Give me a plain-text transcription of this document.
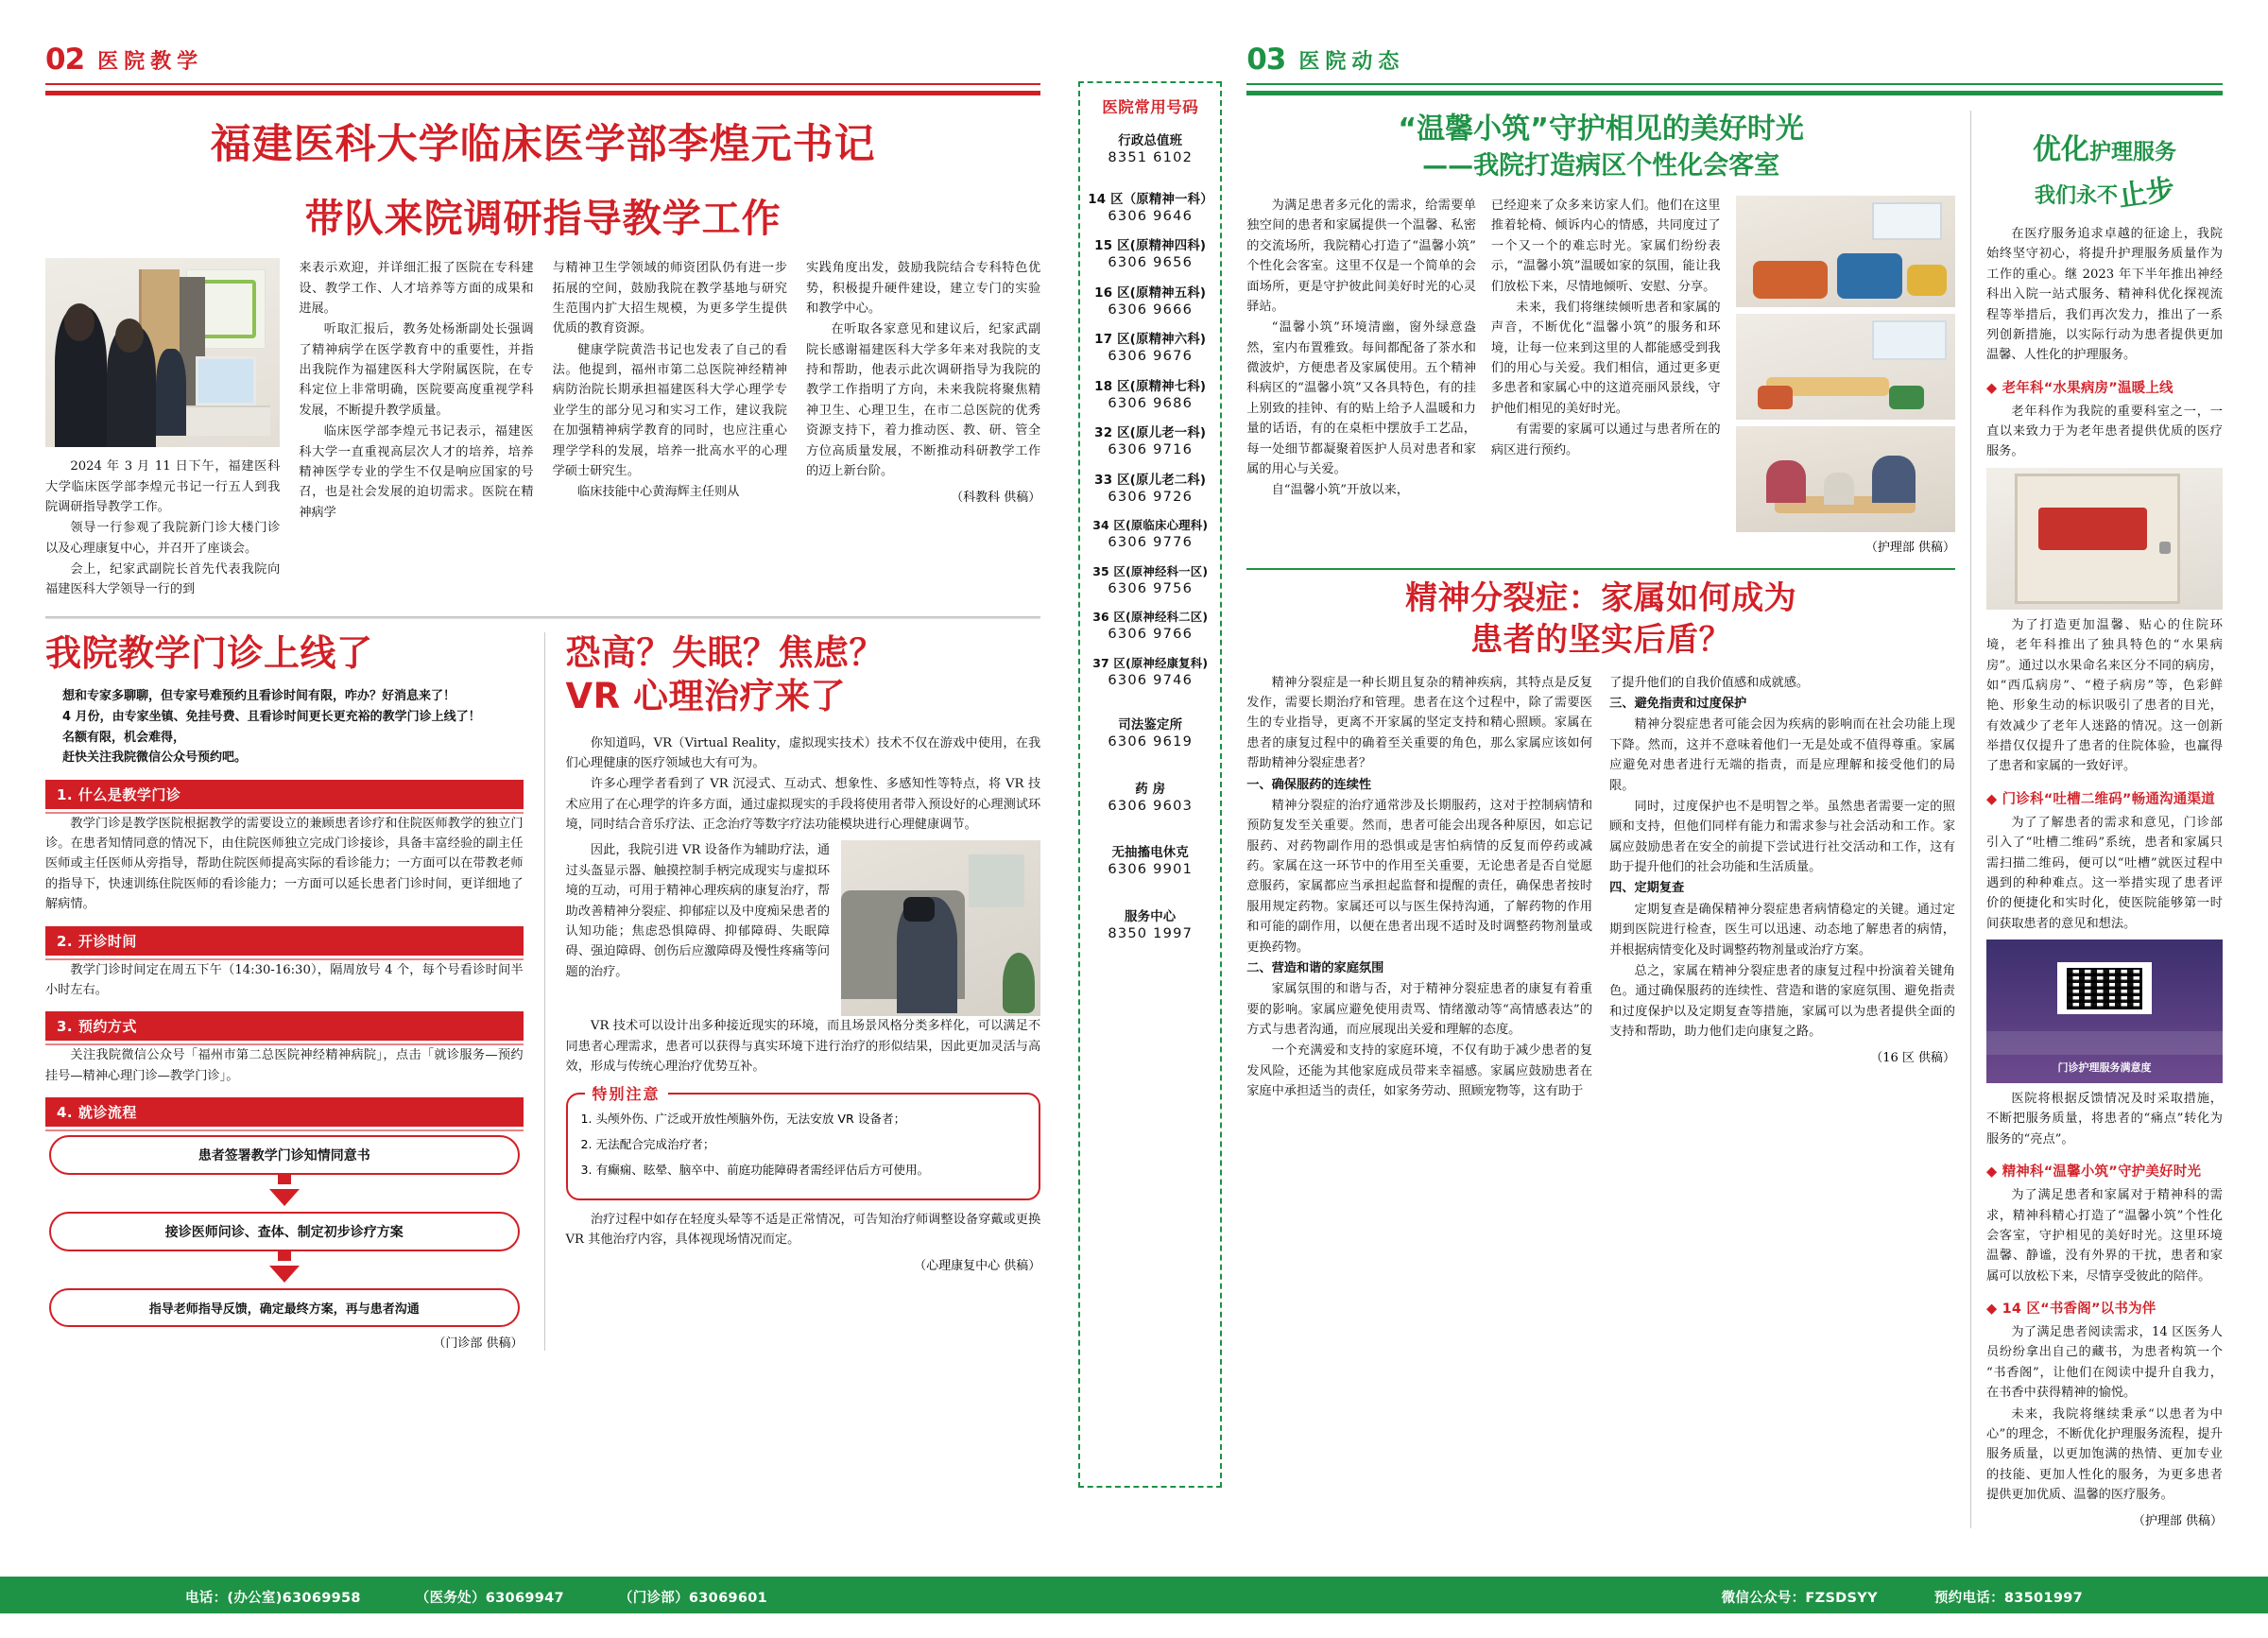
02 医院教学
福建医科大学临床医学部李煌元书记
带队来院调研指导教学工作

2024 年 3 月 11 日下午，福建医科大学临床医学部李煌元书记一行五人到我院调研指导教学工作。

领导一行参观了我院新门诊大楼门诊以及心理康复中心，并召开了座谈会。

会上，纪家武副院长首先代表我院向福建医科大学领导一行的到

来表示欢迎，并详细汇报了医院在专科建设、教学工作、人才培养等方面的成果和进展。

听取汇报后，教务处杨渐副处长强调了精神病学在医学教育中的重要性，并指出我院作为福建医科大学附属医院，在专科定位上非常明确，医院要高度重视学科发展，不断提升教学质量。

临床医学部李煌元书记表示，福建医科大学一直重视高层次人才的培养，培养精神医学专业的学生不仅是响应国家的号召，也是社会发展的迫切需求。医院在精神病学

与精神卫生学领域的师资团队仍有进一步拓展的空间，鼓励我院在教学基地与研究生范围内扩大招生规模，为更多学生提供优质的教育资源。

健康学院黄浩书记也发表了自己的看法。他提到，福州市第二总医院神经精神病防治院长期承担福建医科大学心理学专业学生的部分见习和实习工作，建议我院在加强精神病学教育的同时，也应注重心理学学科的发展，培养一批高水平的心理学硕士研究生。

临床技能中心黄海辉主任则从

实践角度出发，鼓励我院结合专科特色优势，积极提升硬件建设，建立专门的实验和教学中心。

在听取各家意见和建议后，纪家武副院长感谢福建医科大学多年来对我院的支持和帮助，他表示此次调研指导为我院的教学工作指明了方向，未来我院将聚焦精神卫生、心理卫生，在市二总医院的优秀资源支持下，着力推动医、教、研、管全方位高质量发展，不断推动科研教学工作的迈上新台阶。

（科教科 供稿）
我院教学门诊上线了

想和专家多聊聊，但专家号难预约且看诊时间有限，咋办？好消息来了！

4 月份，由专家坐镇、免挂号费、且看诊时间更长更充裕的教学门诊上线了！

名额有限，机会难得，

赶快关注我院微信公众号预约吧。

1. 什么是教学门诊

教学门诊是教学医院根据教学的需要设立的兼顾患者诊疗和住院医师教学的独立门诊。在患者知情同意的情况下，由住院医师独立完成门诊接诊，具备丰富经验的副主任医师或主任医师从旁指导，帮助住院医师提高实际的看诊能力；一方面可以在带教老师的指导下，快速训练住院医师的看诊能力；一方面可以延长患者门诊时间，更详细地了解病情。

2. 开诊时间

教学门诊时间定在周五下午（14:30-16:30），隔周放号 4 个，每个号看诊时间半小时左右。

3. 预约方式

关注我院微信公众号「福州市第二总医院神经精神病院」，点击「就诊服务—预约挂号—精神心理门诊—教学门诊」。

4. 就诊流程
患者签署教学门诊知情同意书
接诊医师问诊、查体、制定初步诊疗方案
指导老师指导反馈，确定最终方案，再与患者沟通
（门诊部 供稿）
恐高？失眠？焦虑？
VR 心理治疗来了

你知道吗，VR（Virtual Reality，虚拟现实技术）技术不仅在游戏中使用，在我们心理健康的医疗领域也大有可为。

许多心理学者看到了 VR 沉浸式、互动式、想象性、多感知性等特点，将 VR 技术应用了在心理学的许多方面，通过虚拟现实的手段将使用者带入预设好的心理测试环境，同时结合音乐疗法、正念治疗等数字疗法功能模块进行心理健康调节。

因此，我院引进 VR 设备作为辅助疗法，通过头盔显示器、触摸控制手柄完成现实与虚拟环境的互动，可用于精神心理疾病的康复治疗，帮助改善精神分裂症、抑郁症以及中度痴呆患者的认知功能；焦虑恐惧障碍、抑郁障碍、失眠障碍、强迫障碍、创伤后应激障碍及慢性疼痛等问题的治疗。

VR 技术可以设计出多种接近现实的环境，而且场景风格分类多样化，可以满足不同患者心理需求，患者可以获得与真实环境下进行治疗的形似结果，因此更加灵活与高效，形成与传统心理治疗优势互补。

特别注意
1. 头颅外伤、广泛或开放性颅脑外伤，无法安放 VR 设备者；
2. 无法配合完成治疗者；
3. 有癫痫、眩晕、脑卒中、前庭功能障碍者需经评估后方可使用。

治疗过程中如存在轻度头晕等不适是正常情况，可告知治疗师调整设备穿戴或更换 VR 其他治疗内容，具体视现场情况而定。

（心理康复中心 供稿）
医院常用号码
行政总值班
8351 6102
14 区（原精神一科）
6306 9646
15 区(原精神四科)
6306 9656
16 区(原精神五科)
6306 9666
17 区(原精神六科)
6306 9676
18 区(原精神七科)
6306 9686
32 区(原儿老一科)
6306 9716
33 区(原儿老二科)
6306 9726
34 区(原临床心理科)
6306 9776
35 区(原神经科一区)
6306 9756
36 区(原神经科二区)
6306 9766
37 区(原神经康复科)
6306 9746
司法鉴定所
6306 9619
药 房
6306 9603
无抽搐电休克
6306 9901
服务中心
8350 1997
03 医院动态
“温馨小筑”守护相见的美好时光
——我院打造病区个性化会客室

为满足患者多元化的需求，给需要单独空间的患者和家属提供一个温馨、私密的交流场所，我院精心打造了“温馨小筑”个性化会客室。这里不仅是一个简单的会面场所，更是守护彼此间美好时光的心灵驿站。

“温馨小筑”环境清幽，窗外绿意盎然，室内布置雅致。每间都配备了茶水和微波炉，方便患者及家属使用。五个精神科病区的“温馨小筑”又各具特色，有的挂上别致的挂钟、有的贴上给予人温暖和力量的话语，有的在桌柜中摆放手工艺品，每一处细节都凝聚着医护人员对患者和家属的用心与关爱。

自“温馨小筑”开放以来，

已经迎来了众多来访家人们。他们在这里推着轮椅、倾诉内心的情感，共同度过了一个又一个的难忘时光。家属们纷纷表示，“温馨小筑”温暖如家的氛围，能让我们放松下来，尽情地倾听、安慰、分享。

未来，我们将继续倾听患者和家属的声音，不断优化“温馨小筑”的服务和环境，让每一位来到这里的人都能感受到我们的用心与关爱。我们相信，通过更多更多患者和家属心中的这道亮丽风景线，守护他们相见的美好时光。

有需要的家属可以通过与患者所在的病区进行预约。

（护理部 供稿）
精神分裂症：家属如何成为
患者的坚实后盾？

精神分裂症是一种长期且复杂的精神疾病，其特点是反复发作，需要长期治疗和管理。患者在这个过程中，除了需要医生的专业指导，更离不开家属的坚定支持和精心照顾。家属在患者的康复过程中的确着至关重要的角色，那么家属应该如何帮助精神分裂症患者？

一、确保服药的连续性

精神分裂症的治疗通常涉及长期服药，这对于控制病情和预防复发至关重要。然而，患者可能会出现各种原因，如忘记服药、对药物副作用的恐惧或是害怕病情的反复而停药或减药。家属在这一环节中的作用至关重要，无论患者是否自觉愿意服药，家属都应当承担起监督和提醒的责任，确保患者按时服用规定药物。家属还可以与医生保持沟通，了解药物的作用和可能的副作用，以便在患者出现不适时及时调整药物剂量或更换药物。

二、营造和谐的家庭氛围

家属氛围的和谐与否，对于精神分裂症患者的康复有着重要的影响。家属应避免使用责骂、情绪激动等“高情感表达”的方式与患者沟通，而应展现出关爱和理解的态度。

一个充满爱和支持的家庭环境，不仅有助于减少患者的复发风险，还能为其他家庭成员带来幸福感。家属应鼓励患者在家庭中承担适当的责任，如家务劳动、照顾宠物等，这有助于

了提升他们的自我价值感和成就感。

三、避免指责和过度保护

精神分裂症患者可能会因为疾病的影响而在社会功能上现下降。然而，这并不意味着他们一无是处或不值得尊重。家属应避免对患者进行无端的指责，而是应理解和接受他们的局限。

同时，过度保护也不是明智之举。虽然患者需要一定的照顾和支持，但他们同样有能力和需求参与社会活动和工作。家属应鼓励患者在安全的前提下尝试进行社交活动和工作，这有助于提升他们的社会功能和生活质量。

四、定期复查

定期复查是确保精神分裂症患者病情稳定的关键。通过定期到医院进行检查，医生可以迅速、动态地了解患者的病情，并根据病情变化及时调整药物剂量或治疗方案。

总之，家属在精神分裂症患者的康复过程中扮演着关键角色。通过确保服药的连续性、营造和谐的家庭氛围、避免指责和过度保护以及定期复查等措施，家属可以为患者提供全面的支持和帮助，助力他们走向康复之路。

（16 区 供稿）
优化护理服务
我们永不止步

在医疗服务追求卓越的征途上，我院始终坚守初心，将提升护理服务质量作为工作的重心。继 2023 年下半年推出神经科出入院一站式服务、精神科优化探视流程等举措后，我们再次发力，推出了一系列创新措施，以实际行动为患者提供更加温馨、人性化的护理服务。

◆ 老年科“水果病房”温暖上线

老年科作为我院的重要科室之一，一直以来致力于为老年患者提供优质的医疗服务。

为了打造更加温馨、贴心的住院环境，老年科推出了独具特色的“水果病房”。通过以水果命名来区分不同的病房，如“西瓜病房”、“橙子病房”等，色彩鲜艳、形象生动的标识吸引了患者的目光，有效减少了老年人迷路的情况。这一创新举措仅仅提升了患者的住院体验，也赢得了患者和家属的一致好评。

◆ 门诊科“吐槽二维码”畅通沟通渠道

为了了解患者的需求和意见，门诊部引入了“吐槽二维码”系统，患者和家属只需扫描二维码，便可以“吐槽”就医过程中遇到的种种难点。这一举措实现了患者评价的便捷化和实时化，使医院能够第一时间获取患者的意见和想法。

门诊护理服务满意度

医院将根据反馈情况及时采取措施，不断把服务质量，将患者的“痛点”转化为服务的“亮点”。

◆ 精神科“温馨小筑”守护美好时光

为了满足患者和家属对于精神科的需求，精神科精心打造了“温馨小筑”个性化会客室，守护相见的美好时光。这里环境温馨、静谧，没有外界的干扰，患者和家属可以放松下来，尽情享受彼此的陪伴。

◆ 14 区“书香阁”以书为伴

为了满足患者阅读需求，14 区医务人员纷纷拿出自己的藏书，为患者构筑一个“书香阁”，让他们在阅读中提升自我力，在书香中获得精神的愉悦。

未来，我院将继续秉承“以患者为中心”的理念，不断优化护理服务流程，提升服务质量，以更加饱满的热情、更加专业的技能、更加人性化的服务，为更多患者提供更加优质、温馨的医疗服务。

（护理部 供稿）
电话：(办公室)63069958	（医务处）63069947	（门诊部）63069601	微信公众号：FZSDSYY	预约电话：83501997
